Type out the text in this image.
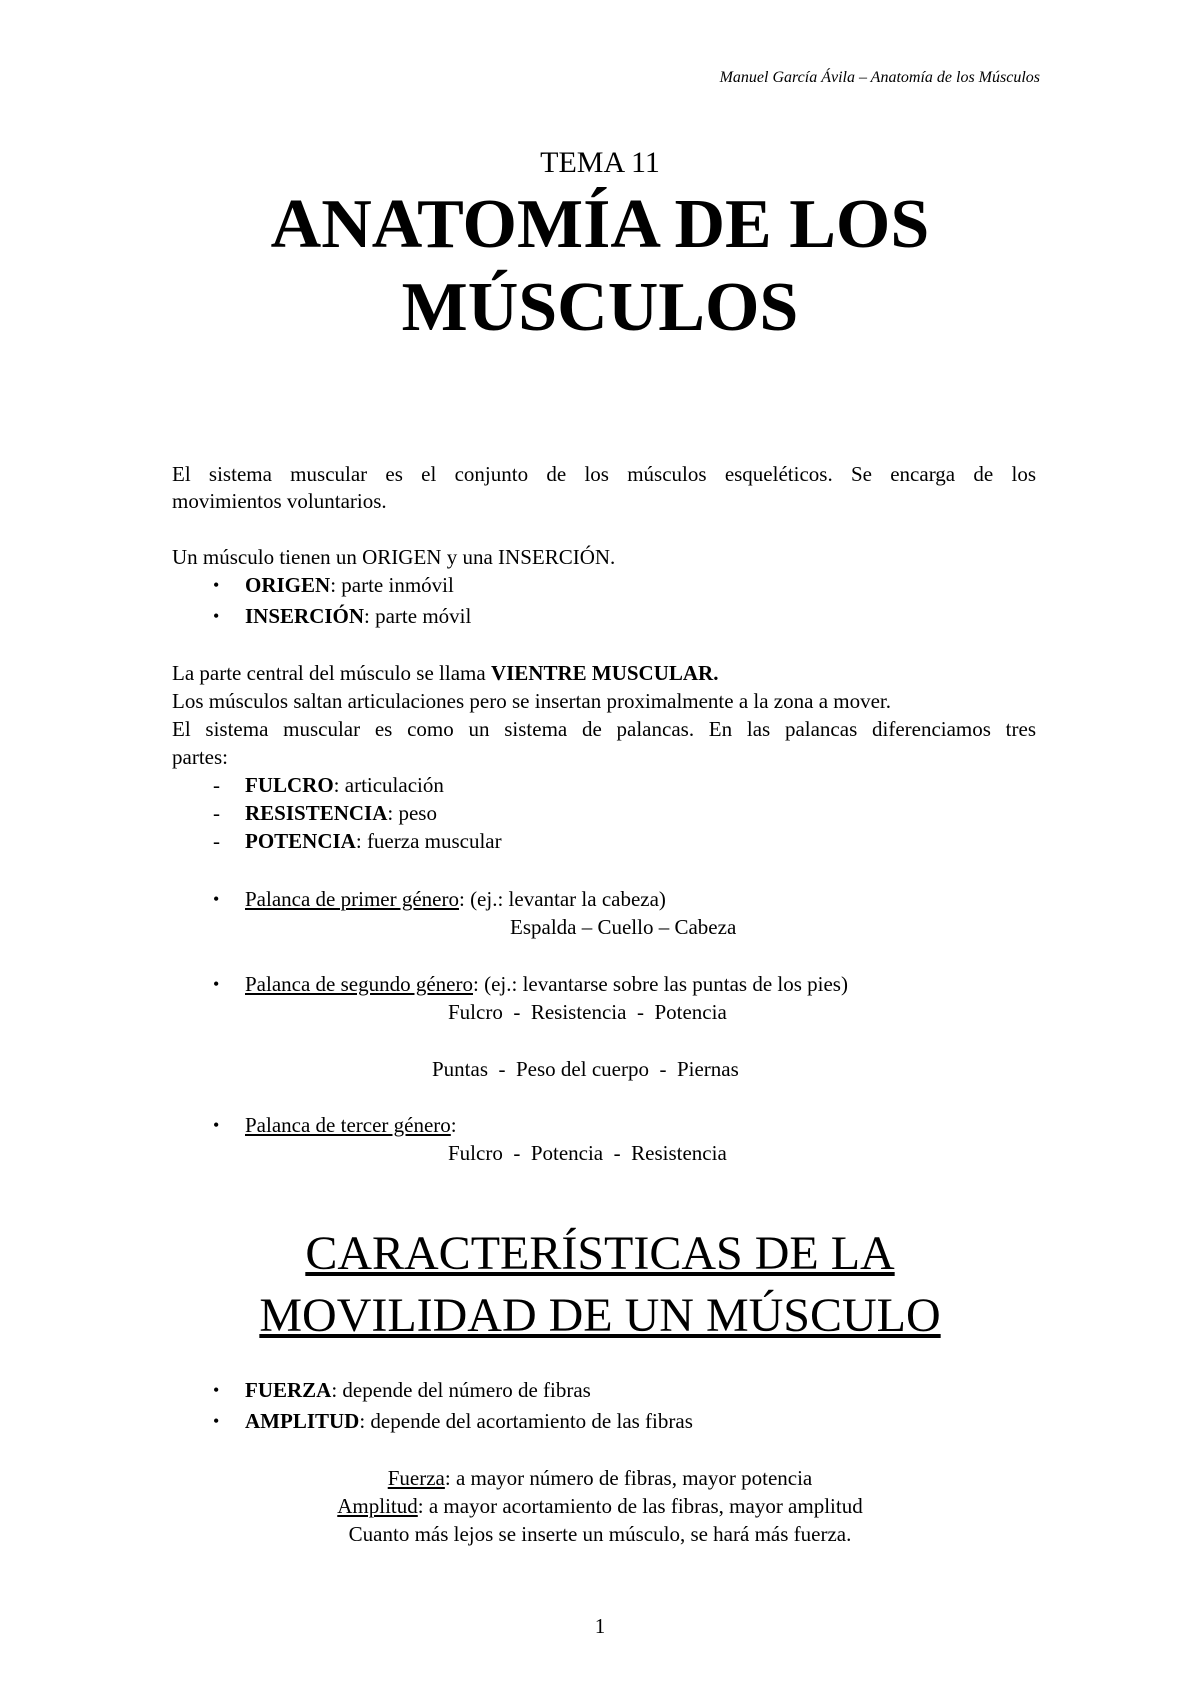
Manuel García Ávila – Anatomía de los Músculos
TEMA 11
ANATOMÍA DE LOS
MÚSCULOS
El sistema muscular es el conjunto de los músculos esqueléticos. Se encarga de los
movimientos voluntarios.
Un músculo tienen un ORIGEN y una INSERCIÓN.
• ORIGEN: parte inmóvil
• INSERCIÓN: parte móvil
La parte central del músculo se llama VIENTRE MUSCULAR.
Los músculos saltan articulaciones pero se insertan proximalmente a la zona a mover.
El sistema muscular es como un sistema de palancas. En las palancas diferenciamos tres
partes:
- FULCRO: articulación
- RESISTENCIA: peso
- POTENCIA: fuerza muscular
• Palanca de primer género: (ej.: levantar la cabeza)
Espalda – Cuello – Cabeza
• Palanca de segundo género: (ej.: levantarse sobre las puntas de los pies)
Fulcro  -  Resistencia  -  Potencia
Puntas  -  Peso del cuerpo  -  Piernas
• Palanca de tercer género:
Fulcro  -  Potencia  -  Resistencia
CARACTERÍSTICAS DE LA
MOVILIDAD DE UN MÚSCULO
• FUERZA: depende del número de fibras
• AMPLITUD: depende del acortamiento de las fibras
Fuerza: a mayor número de fibras, mayor potencia
Amplitud: a mayor acortamiento de las fibras, mayor amplitud
Cuanto más lejos se inserte un músculo, se hará más fuerza.
1
